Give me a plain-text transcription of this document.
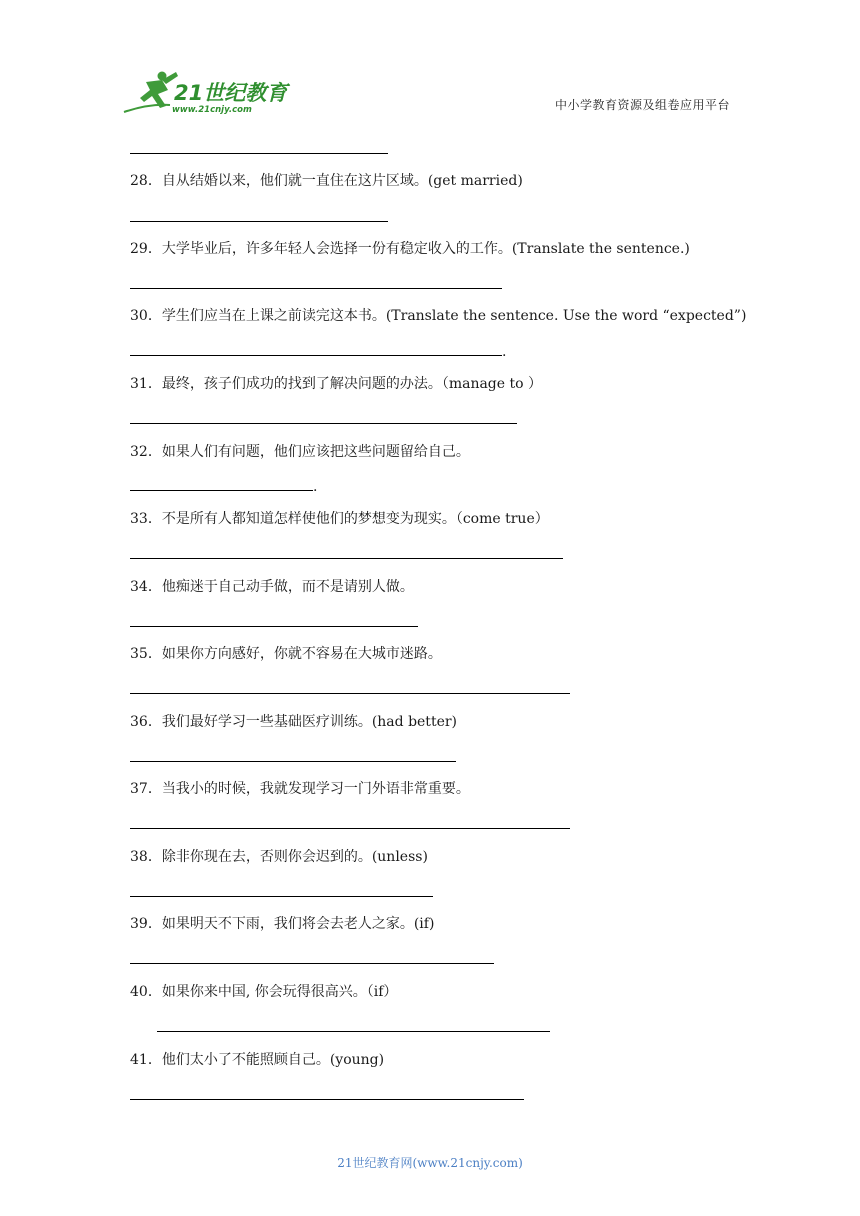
21世纪教育
www.21cnjy.com	中小学教育资源及组卷应用平台
28．自从结婚以来，他们就一直住在这片区域。(get married)
29．大学毕业后，许多年轻人会选择一份有稳定收入的工作。(Translate the sentence.)
30．学生们应当在上课之前读完这本书。(Translate the sentence. Use the word “expected”)
.
31．最终，孩子们成功的找到了解决问题的办法。（manage to ）
32．如果人们有问题，他们应该把这些问题留给自己。
.
33．不是所有人都知道怎样使他们的梦想变为现实。（come true）
34．他痴迷于自己动手做，而不是请别人做。
35．如果你方向感好，你就不容易在大城市迷路。
36．我们最好学习一些基础医疗训练。(had better)
37．当我小的时候，我就发现学习一门外语非常重要。
38．除非你现在去，否则你会迟到的。(unless)
39．如果明天不下雨，我们将会去老人之家。(if)
40．如果你来中国, 你会玩得很高兴。（if）
41．他们太小了不能照顾自己。(young)
21世纪教育网(www.21cnjy.com)
